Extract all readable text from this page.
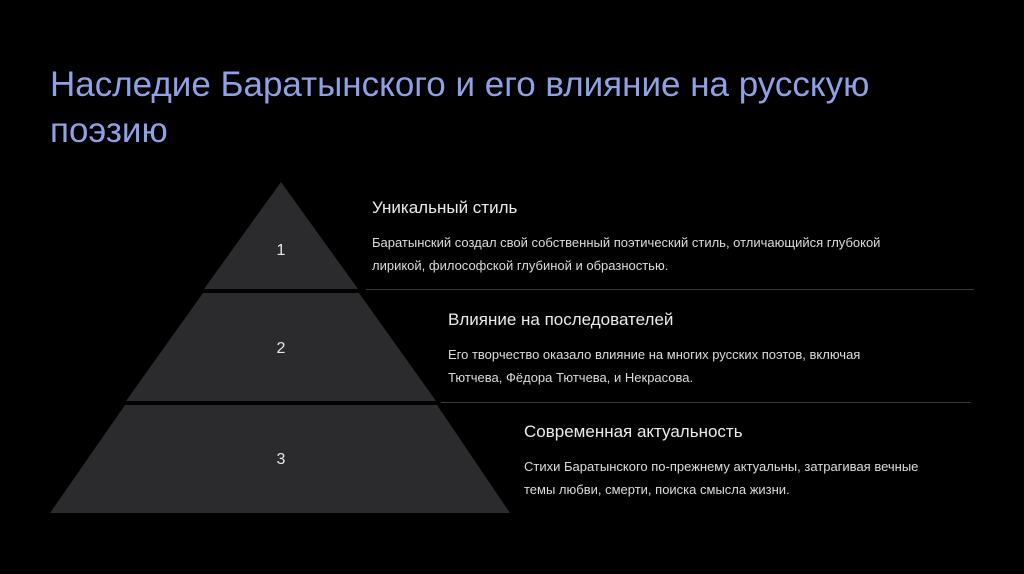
Наследие Баратынского и его влияние на русскую
поэзию
1
2
3
Уникальный стиль
Баратынский создал свой собственный поэтический стиль, отличающийся глубокой
лирикой, философской глубиной и образностью.
Влияние на последователей
Его творчество оказало влияние на многих русских поэтов, включая
Тютчева, Фёдора Тютчева, и Некрасова.
Современная актуальность
Стихи Баратынского по-прежнему актуальны, затрагивая вечные
темы любви, смерти, поиска смысла жизни.
